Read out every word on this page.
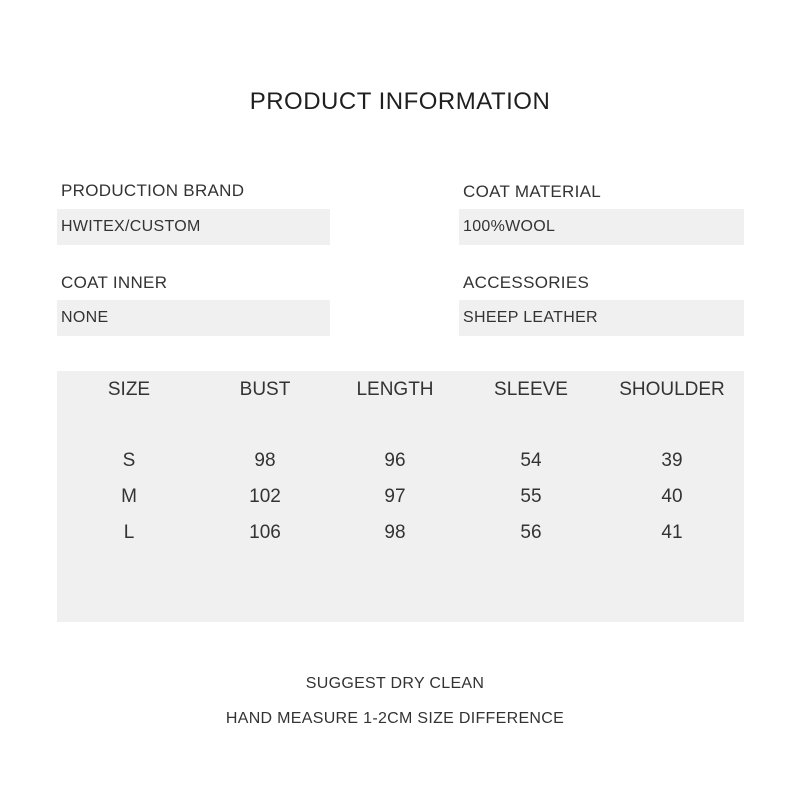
PRODUCT INFORMATION
PRODUCTION BRAND
HWITEX/CUSTOM
COAT MATERIAL
100%WOOL
COAT INNER
NONE
ACCESSORIES
SHEEP LEATHER
SIZE	BUST	LENGTH	SLEEVE	SHOULDER
S	98	96	54	39
M	102	97	55	40
L	106	98	56	41
SUGGEST DRY CLEAN
HAND MEASURE 1-2CM SIZE DIFFERENCE
